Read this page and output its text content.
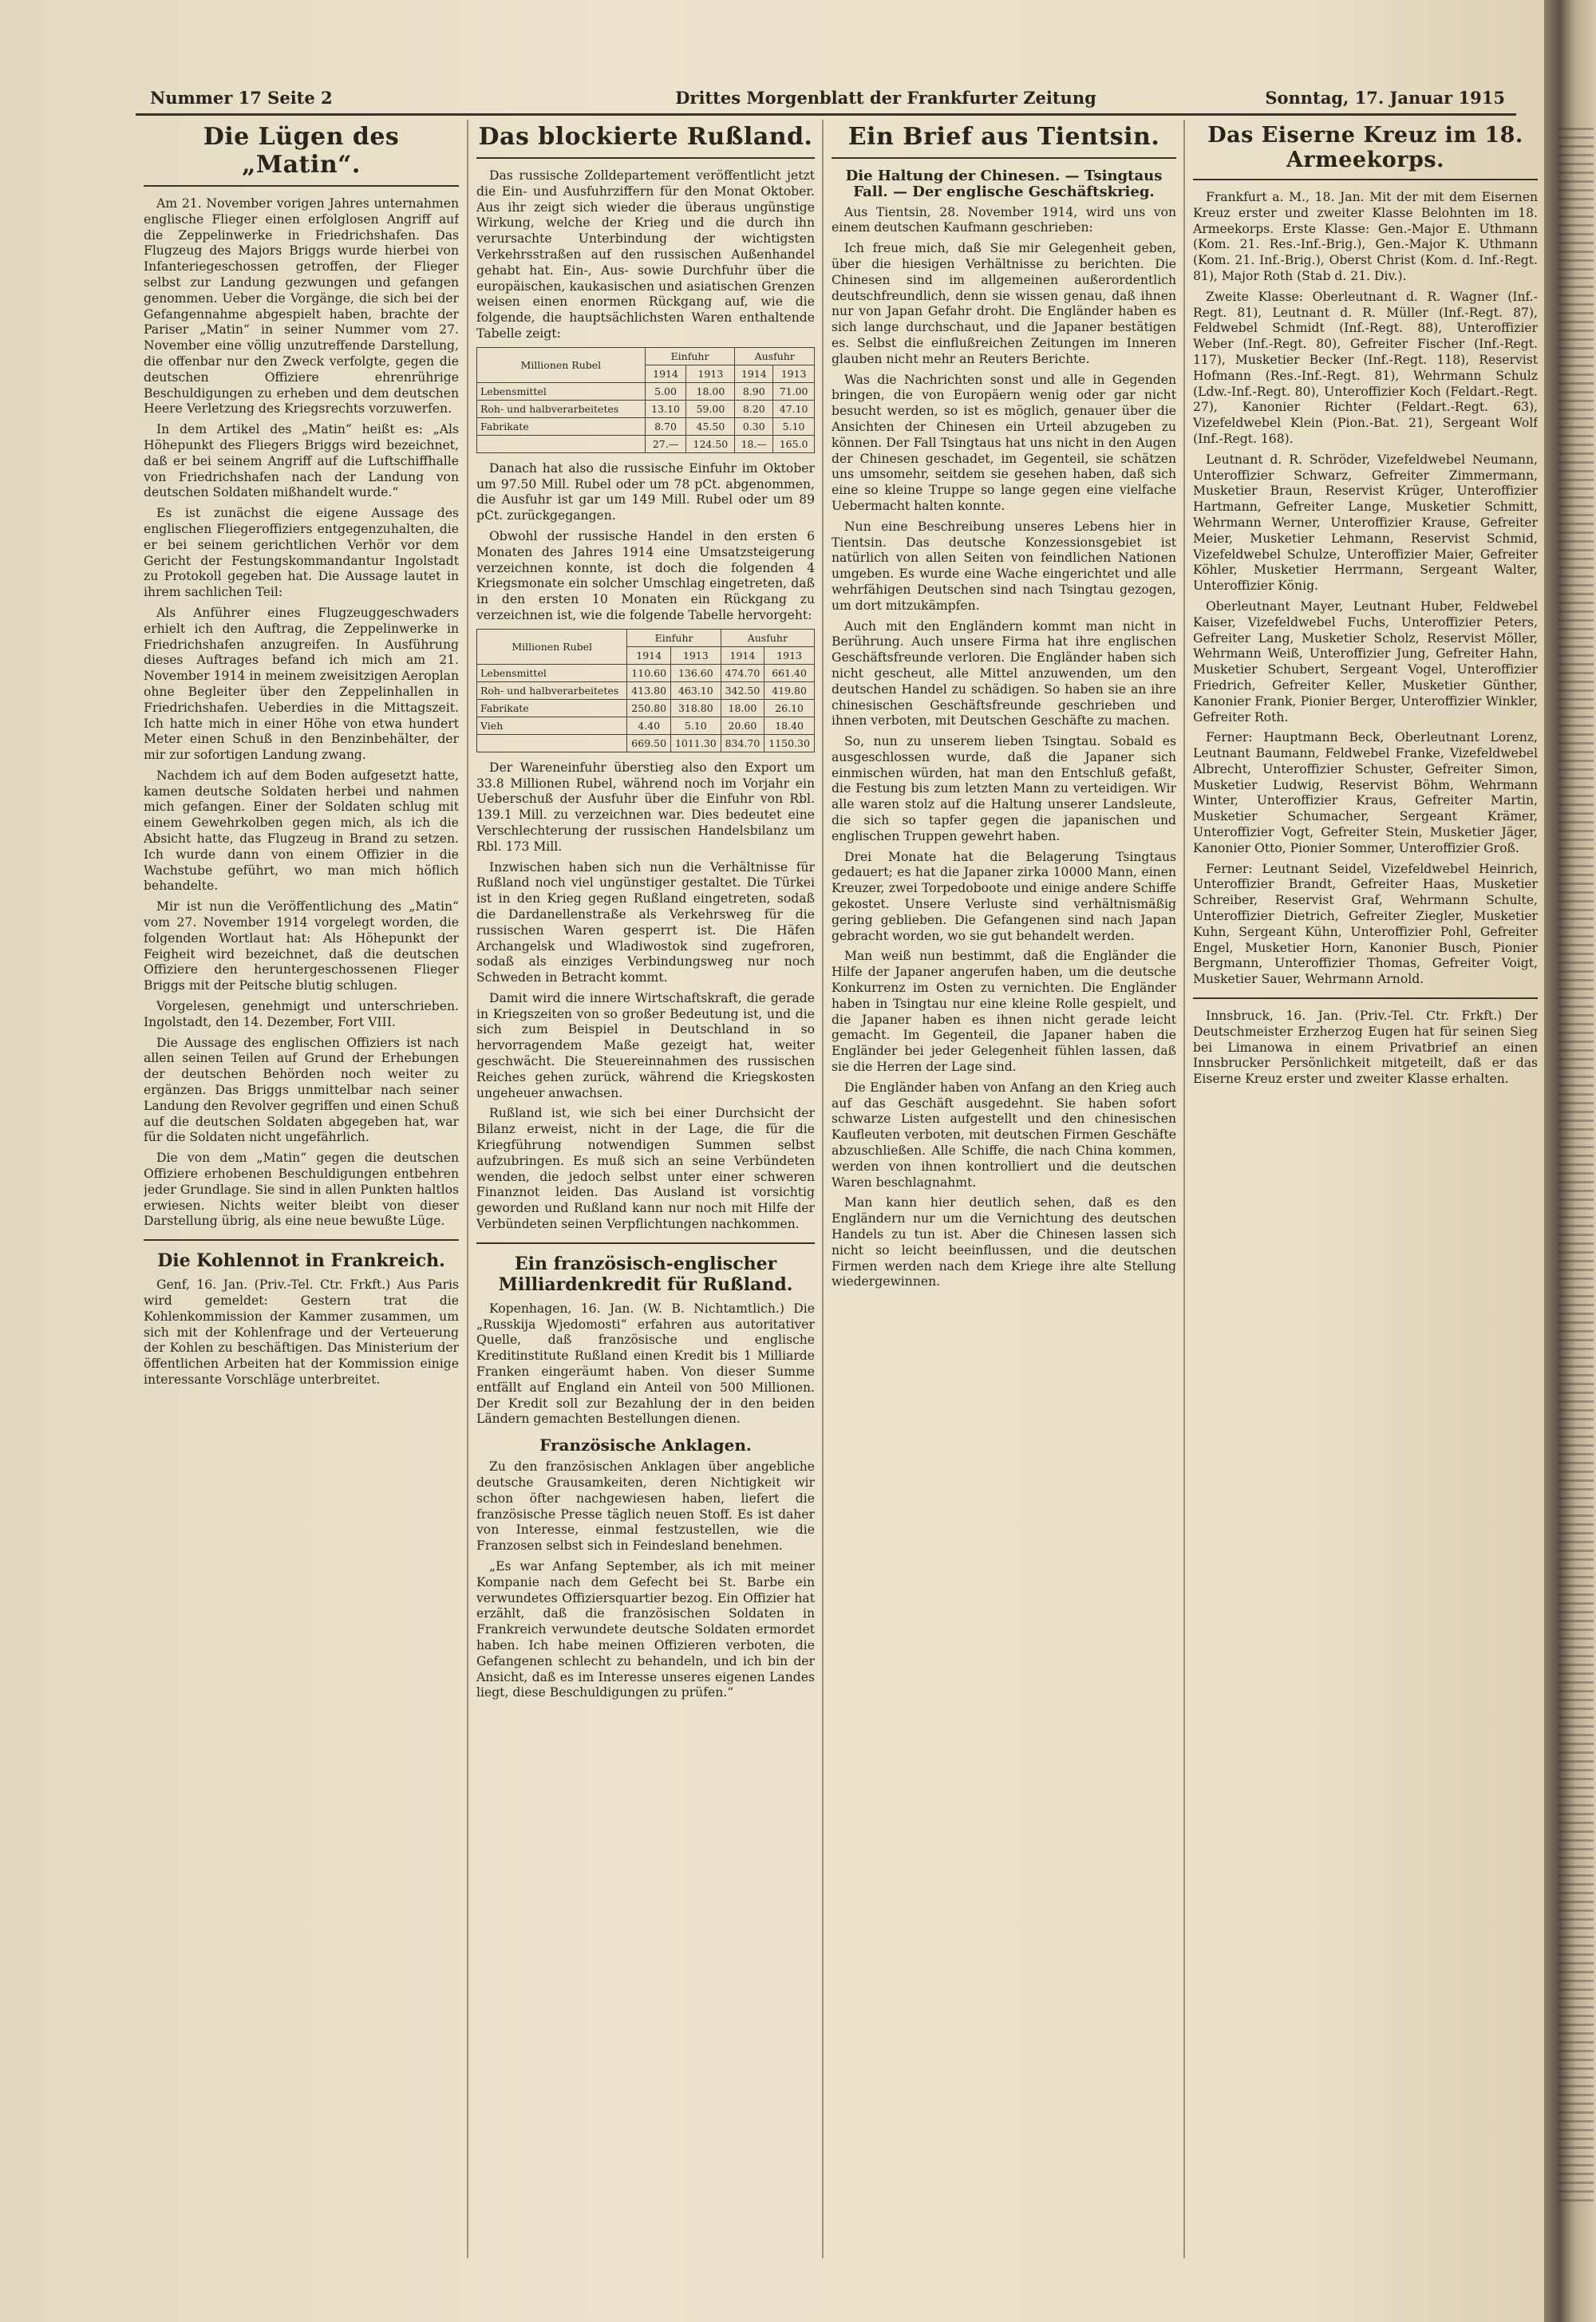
Nummer 17 Seite 2	Drittes Morgenblatt der Frankfurter Zeitung	Sonntag, 17. Januar 1915
Die Lügen des „Matin“.

Am 21. November vorigen Jahres unternahmen englische Flieger einen erfolglosen Angriff auf die Zeppelinwerke in Friedrichshafen. Das Flugzeug des Majors Briggs wurde hierbei von Infanteriegeschossen getroffen, der Flieger selbst zur Landung gezwungen und gefangen genommen. Ueber die Vorgänge, die sich bei der Gefangennahme abgespielt haben, brachte der Pariser „Matin“ in seiner Nummer vom 27. November eine völlig unzutreffende Darstellung, die offenbar nur den Zweck verfolgte, gegen die deutschen Offiziere ehrenrührige Beschuldigungen zu erheben und dem deutschen Heere Verletzung des Kriegsrechts vorzuwerfen.

In dem Artikel des „Matin“ heißt es: „Als Höhepunkt des Fliegers Briggs wird bezeichnet, daß er bei seinem Angriff auf die Luftschiffhalle von Friedrichshafen nach der Landung von deutschen Soldaten mißhandelt wurde.“

Es ist zunächst die eigene Aussage des englischen Fliegeroffiziers entgegenzuhalten, die er bei seinem gerichtlichen Verhör vor dem Gericht der Festungskommandantur Ingolstadt zu Protokoll gegeben hat. Die Aussage lautet in ihrem sachlichen Teil:

Als Anführer eines Flugzeuggeschwaders erhielt ich den Auftrag, die Zeppelinwerke in Friedrichshafen anzugreifen. In Ausführung dieses Auftrages befand ich mich am 21. November 1914 in meinem zweisitzigen Aeroplan ohne Begleiter über den Zeppelinhallen in Friedrichshafen. Ueberdies in die Mittagszeit. Ich hatte mich in einer Höhe von etwa hundert Meter einen Schuß in den Benzinbehälter, der mir zur sofortigen Landung zwang.

Nachdem ich auf dem Boden aufgesetzt hatte, kamen deutsche Soldaten herbei und nahmen mich gefangen. Einer der Soldaten schlug mit einem Gewehrkolben gegen mich, als ich die Absicht hatte, das Flugzeug in Brand zu setzen. Ich wurde dann von einem Offizier in die Wachstube geführt, wo man mich höflich behandelte.

Mir ist nun die Veröffentlichung des „Matin“ vom 27. November 1914 vorgelegt worden, die folgenden Wortlaut hat: Als Höhepunkt der Feigheit wird bezeichnet, daß die deutschen Offiziere den heruntergeschossenen Flieger Briggs mit der Peitsche blutig schlugen.

Vorgelesen, genehmigt und unterschrieben. Ingolstadt, den 14. Dezember, Fort VIII.

Die Aussage des englischen Offiziers ist nach allen seinen Teilen auf Grund der Erhebungen der deutschen Behörden noch weiter zu ergänzen. Das Briggs unmittelbar nach seiner Landung den Revolver gegriffen und einen Schuß auf die deutschen Soldaten abgegeben hat, war für die Soldaten nicht ungefährlich.

Die von dem „Matin“ gegen die deutschen Offiziere erhobenen Beschuldigungen entbehren jeder Grundlage. Sie sind in allen Punkten haltlos erwiesen. Nichts weiter bleibt von dieser Darstellung übrig, als eine neue bewußte Lüge.

Die Kohlennot in Frankreich.

Genf, 16. Jan. (Priv.-Tel. Ctr. Frkft.) Aus Paris wird gemeldet: Gestern trat die Kohlenkommission der Kammer zusammen, um sich mit der Kohlenfrage und der Verteuerung der Kohlen zu beschäftigen. Das Ministerium der öffentlichen Arbeiten hat der Kommission einige interessante Vorschläge unterbreitet.

Das blockierte Rußland.

Das russische Zolldepartement veröffentlicht jetzt die Ein- und Ausfuhrziffern für den Monat Oktober. Aus ihr zeigt sich wieder die überaus ungünstige Wirkung, welche der Krieg und die durch ihn verursachte Unterbindung der wichtigsten Verkehrsstraßen auf den russischen Außenhandel gehabt hat. Ein-, Aus- sowie Durchfuhr über die europäischen, kaukasischen und asiatischen Grenzen weisen einen enormen Rückgang auf, wie die folgende, die hauptsächlichsten Waren enthaltende Tabelle zeigt:

Millionen Rubel	Einfuhr		Ausfuhr	
	1914	1913	1914	1913
Lebensmittel	5.00	18.00	8.90	71.00
Roh- und halbverarbeitetes	13.10	59.00	8.20	47.10
Fabrikate	8.70	45.50	0.30	5.10
	27.—	124.50	18.—	165.0

Danach hat also die russische Einfuhr im Oktober um 97.50 Mill. Rubel oder um 78 pCt. abgenommen, die Ausfuhr ist gar um 149 Mill. Rubel oder um 89 pCt. zurückgegangen.

Obwohl der russische Handel in den ersten 6 Monaten des Jahres 1914 eine Umsatzsteigerung verzeichnen konnte, ist doch die folgenden 4 Kriegsmonate ein solcher Umschlag eingetreten, daß in den ersten 10 Monaten ein Rückgang zu verzeichnen ist, wie die folgende Tabelle hervorgeht:

Millionen Rubel	Einfuhr		Ausfuhr	
	1914	1913	1914	1913
Lebensmittel	110.60	136.60	474.70	661.40
Roh- und halbverarbeitetes	413.80	463.10	342.50	419.80
Fabrikate	250.80	318.80	18.00	26.10
Vieh	4.40	5.10	20.60	18.40
	669.50	1011.30	834.70	1150.30

Der Wareneinfuhr überstieg also den Export um 33.8 Millionen Rubel, während noch im Vorjahr ein Ueberschuß der Ausfuhr über die Einfuhr von Rbl. 139.1 Mill. zu verzeichnen war. Dies bedeutet eine Verschlechterung der russischen Handelsbilanz um Rbl. 173 Mill.

Inzwischen haben sich nun die Verhältnisse für Rußland noch viel ungünstiger gestaltet. Die Türkei ist in den Krieg gegen Rußland eingetreten, sodaß die Dardanellenstraße als Verkehrsweg für die russischen Waren gesperrt ist. Die Häfen Archangelsk und Wladiwostok sind zugefroren, sodaß als einziges Verbindungsweg nur noch Schweden in Betracht kommt.

Damit wird die innere Wirtschaftskraft, die gerade in Kriegszeiten von so großer Bedeutung ist, und die sich zum Beispiel in Deutschland in so hervorragendem Maße gezeigt hat, weiter geschwächt. Die Steuereinnahmen des russischen Reiches gehen zurück, während die Kriegskosten ungeheuer anwachsen.

Rußland ist, wie sich bei einer Durchsicht der Bilanz erweist, nicht in der Lage, die für die Kriegführung notwendigen Summen selbst aufzubringen. Es muß sich an seine Verbündeten wenden, die jedoch selbst unter einer schweren Finanznot leiden. Das Ausland ist vorsichtig geworden und Rußland kann nur noch mit Hilfe der Verbündeten seinen Verpflichtungen nachkommen.

Ein französisch-englischer Milliardenkredit für Rußland.

Kopenhagen, 16. Jan. (W. B. Nichtamtlich.) Die „Russkija Wjedomosti“ erfahren aus autoritativer Quelle, daß französische und englische Kreditinstitute Rußland einen Kredit bis 1 Milliarde Franken eingeräumt haben. Von dieser Summe entfällt auf England ein Anteil von 500 Millionen. Der Kredit soll zur Bezahlung der in den beiden Ländern gemachten Bestellungen dienen.

Französische Anklagen.

Zu den französischen Anklagen über angebliche deutsche Grausamkeiten, deren Nichtigkeit wir schon öfter nachgewiesen haben, liefert die französische Presse täglich neuen Stoff. Es ist daher von Interesse, einmal festzustellen, wie die Franzosen selbst sich in Feindesland benehmen.

„Es war Anfang September, als ich mit meiner Kompanie nach dem Gefecht bei St. Barbe ein verwundetes Offiziersquartier bezog. Ein Offizier hat erzählt, daß die französischen Soldaten in Frankreich verwundete deutsche Soldaten ermordet haben. Ich habe meinen Offizieren verboten, die Gefangenen schlecht zu behandeln, und ich bin der Ansicht, daß es im Interesse unseres eigenen Landes liegt, diese Beschuldigungen zu prüfen.“

Ein Brief aus Tientsin.

Die Haltung der Chinesen. — Tsingtaus Fall. — Der englische Geschäftskrieg.

Aus Tientsin, 28. November 1914, wird uns von einem deutschen Kaufmann geschrieben:

Ich freue mich, daß Sie mir Gelegenheit geben, über die hiesigen Verhältnisse zu berichten. Die Chinesen sind im allgemeinen außerordentlich deutschfreundlich, denn sie wissen genau, daß ihnen nur von Japan Gefahr droht. Die Engländer haben es sich lange durchschaut, und die Japaner bestätigen es. Selbst die einflußreichen Zeitungen im Inneren glauben nicht mehr an Reuters Berichte.

Was die Nachrichten sonst und alle in Gegenden bringen, die von Europäern wenig oder gar nicht besucht werden, so ist es möglich, genauer über die Ansichten der Chinesen ein Urteil abzugeben zu können. Der Fall Tsingtaus hat uns nicht in den Augen der Chinesen geschadet, im Gegenteil, sie schätzen uns umsomehr, seitdem sie gesehen haben, daß sich eine so kleine Truppe so lange gegen eine vielfache Uebermacht halten konnte.

Nun eine Beschreibung unseres Lebens hier in Tientsin. Das deutsche Konzessionsgebiet ist natürlich von allen Seiten von feindlichen Nationen umgeben. Es wurde eine Wache eingerichtet und alle wehrfähigen Deutschen sind nach Tsingtau gezogen, um dort mitzukämpfen.

Auch mit den Engländern kommt man nicht in Berührung. Auch unsere Firma hat ihre englischen Geschäftsfreunde verloren. Die Engländer haben sich nicht gescheut, alle Mittel anzuwenden, um den deutschen Handel zu schädigen. So haben sie an ihre chinesischen Geschäftsfreunde geschrieben und ihnen verboten, mit Deutschen Geschäfte zu machen.

So, nun zu unserem lieben Tsingtau. Sobald es ausgeschlossen wurde, daß die Japaner sich einmischen würden, hat man den Entschluß gefaßt, die Festung bis zum letzten Mann zu verteidigen. Wir alle waren stolz auf die Haltung unserer Landsleute, die sich so tapfer gegen die japanischen und englischen Truppen gewehrt haben.

Drei Monate hat die Belagerung Tsingtaus gedauert; es hat die Japaner zirka 10000 Mann, einen Kreuzer, zwei Torpedoboote und einige andere Schiffe gekostet. Unsere Verluste sind verhältnismäßig gering geblieben. Die Gefangenen sind nach Japan gebracht worden, wo sie gut behandelt werden.

Man weiß nun bestimmt, daß die Engländer die Hilfe der Japaner angerufen haben, um die deutsche Konkurrenz im Osten zu vernichten. Die Engländer haben in Tsingtau nur eine kleine Rolle gespielt, und die Japaner haben es ihnen nicht gerade leicht gemacht. Im Gegenteil, die Japaner haben die Engländer bei jeder Gelegenheit fühlen lassen, daß sie die Herren der Lage sind.

Die Engländer haben von Anfang an den Krieg auch auf das Geschäft ausgedehnt. Sie haben sofort schwarze Listen aufgestellt und den chinesischen Kaufleuten verboten, mit deutschen Firmen Geschäfte abzuschließen. Alle Schiffe, die nach China kommen, werden von ihnen kontrolliert und die deutschen Waren beschlagnahmt.

Man kann hier deutlich sehen, daß es den Engländern nur um die Vernichtung des deutschen Handels zu tun ist. Aber die Chinesen lassen sich nicht so leicht beeinflussen, und die deutschen Firmen werden nach dem Kriege ihre alte Stellung wiedergewinnen.

Das Eiserne Kreuz im 18. Armeekorps.

Frankfurt a. M., 18. Jan. Mit der mit dem Eisernen Kreuz erster und zweiter Klasse Belohnten im 18. Armeekorps. Erste Klasse: Gen.-Major E. Uthmann (Kom. 21. Res.-Inf.-Brig.), Gen.-Major K. Uthmann (Kom. 21. Inf.-Brig.), Oberst Christ (Kom. d. Inf.-Regt. 81), Major Roth (Stab d. 21. Div.).

Zweite Klasse: Oberleutnant d. R. Wagner (Inf.-Regt. 81), Leutnant d. R. Müller (Inf.-Regt. 87), Feldwebel Schmidt (Inf.-Regt. 88), Unteroffizier Weber (Inf.-Regt. 80), Gefreiter Fischer (Inf.-Regt. 117), Musketier Becker (Inf.-Regt. 118), Reservist Hofmann (Res.-Inf.-Regt. 81), Wehrmann Schulz (Ldw.-Inf.-Regt. 80), Unteroffizier Koch (Feldart.-Regt. 27), Kanonier Richter (Feldart.-Regt. 63), Vizefeldwebel Klein (Pion.-Bat. 21), Sergeant Wolf (Inf.-Regt. 168).

Leutnant d. R. Schröder, Vizefeldwebel Neumann, Unteroffizier Schwarz, Gefreiter Zimmermann, Musketier Braun, Reservist Krüger, Unteroffizier Hartmann, Gefreiter Lange, Musketier Schmitt, Wehrmann Werner, Unteroffizier Krause, Gefreiter Meier, Musketier Lehmann, Reservist Schmid, Vizefeldwebel Schulze, Unteroffizier Maier, Gefreiter Köhler, Musketier Herrmann, Sergeant Walter, Unteroffizier König.

Oberleutnant Mayer, Leutnant Huber, Feldwebel Kaiser, Vizefeldwebel Fuchs, Unteroffizier Peters, Gefreiter Lang, Musketier Scholz, Reservist Möller, Wehrmann Weiß, Unteroffizier Jung, Gefreiter Hahn, Musketier Schubert, Sergeant Vogel, Unteroffizier Friedrich, Gefreiter Keller, Musketier Günther, Kanonier Frank, Pionier Berger, Unteroffizier Winkler, Gefreiter Roth.

Ferner: Hauptmann Beck, Oberleutnant Lorenz, Leutnant Baumann, Feldwebel Franke, Vizefeldwebel Albrecht, Unteroffizier Schuster, Gefreiter Simon, Musketier Ludwig, Reservist Böhm, Wehrmann Winter, Unteroffizier Kraus, Gefreiter Martin, Musketier Schumacher, Sergeant Krämer, Unteroffizier Vogt, Gefreiter Stein, Musketier Jäger, Kanonier Otto, Pionier Sommer, Unteroffizier Groß.

Ferner: Leutnant Seidel, Vizefeldwebel Heinrich, Unteroffizier Brandt, Gefreiter Haas, Musketier Schreiber, Reservist Graf, Wehrmann Schulte, Unteroffizier Dietrich, Gefreiter Ziegler, Musketier Kuhn, Sergeant Kühn, Unteroffizier Pohl, Gefreiter Engel, Musketier Horn, Kanonier Busch, Pionier Bergmann, Unteroffizier Thomas, Gefreiter Voigt, Musketier Sauer, Wehrmann Arnold.

Innsbruck, 16. Jan. (Priv.-Tel. Ctr. Frkft.) Der Deutschmeister Erzherzog Eugen hat für seinen Sieg bei Limanowa in einem Privatbrief an einen Innsbrucker Persönlichkeit mitgeteilt, daß er das Eiserne Kreuz erster und zweiter Klasse erhalten.
